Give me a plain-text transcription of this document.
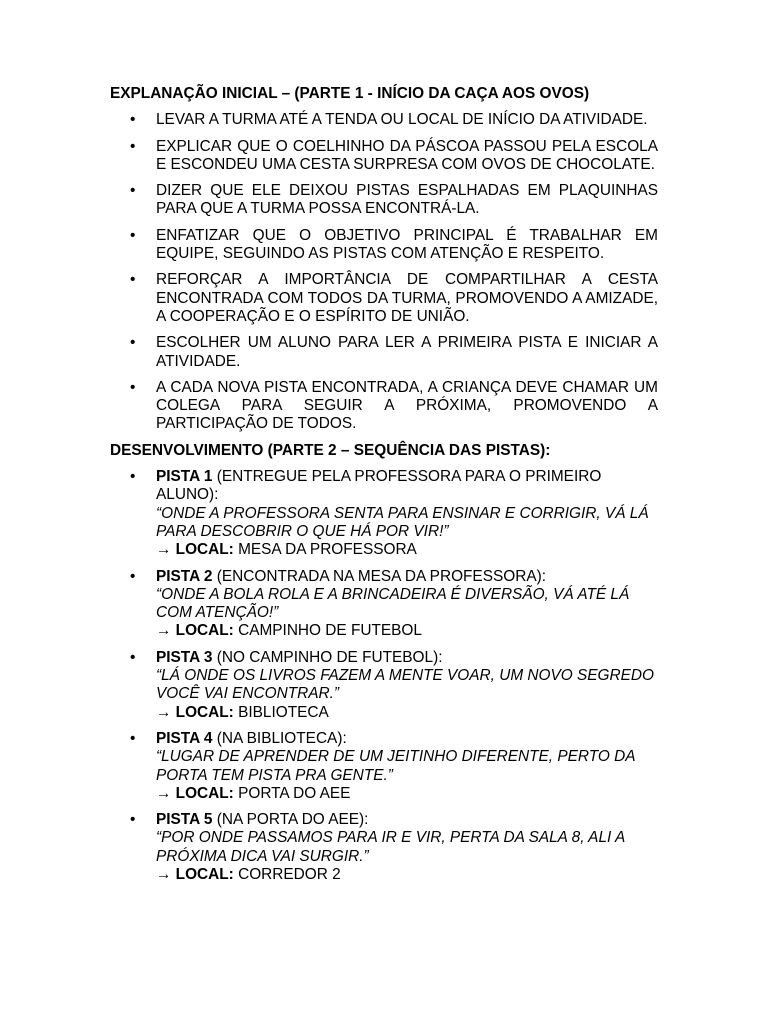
EXPLANAÇÃO INICIAL – (PARTE 1 - INÍCIO DA CAÇA AOS OVOS)
• LEVAR A TURMA ATÉ A TENDA OU LOCAL DE INÍCIO DA ATIVIDADE.
• EXPLICAR QUE O COELHINHO DA PÁSCOA PASSOU PELA ESCOLA E ESCONDEU UMA CESTA SURPRESA COM OVOS DE CHOCOLATE.
• DIZER QUE ELE DEIXOU PISTAS ESPALHADAS EM PLAQUINHAS PARA QUE A TURMA POSSA ENCONTRÁ-LA.
• ENFATIZAR QUE O OBJETIVO PRINCIPAL É TRABALHAR EM EQUIPE, SEGUINDO AS PISTAS COM ATENÇÃO E RESPEITO.
• REFORÇAR A IMPORTÂNCIA DE COMPARTILHAR A CESTA ENCONTRADA COM TODOS DA TURMA, PROMOVENDO A AMIZADE, A COOPERAÇÃO E O ESPÍRITO DE UNIÃO.
• ESCOLHER UM ALUNO PARA LER A PRIMEIRA PISTA E INICIAR A ATIVIDADE.
• A CADA NOVA PISTA ENCONTRADA, A CRIANÇA DEVE CHAMAR UM COLEGA PARA SEGUIR A PRÓXIMA, PROMOVENDO A PARTICIPAÇÃO DE TODOS.
DESENVOLVIMENTO (PARTE 2 – SEQUÊNCIA DAS PISTAS):
• PISTA 1 (ENTREGUE PELA PROFESSORA PARA O PRIMEIRO ALUNO):
“ONDE A PROFESSORA SENTA PARA ENSINAR E CORRIGIR, VÁ LÁ PARA DESCOBRIR O QUE HÁ POR VIR!”
→ LOCAL: MESA DA PROFESSORA
• PISTA 2 (ENCONTRADA NA MESA DA PROFESSORA):
“ONDE A BOLA ROLA E A BRINCADEIRA É DIVERSÃO, VÁ ATÉ LÁ COM ATENÇÃO!”
→ LOCAL: CAMPINHO DE FUTEBOL
• PISTA 3 (NO CAMPINHO DE FUTEBOL):
“LÁ ONDE OS LIVROS FAZEM A MENTE VOAR, UM NOVO SEGREDO VOCÊ VAI ENCONTRAR.”
→ LOCAL: BIBLIOTECA
• PISTA 4 (NA BIBLIOTECA):
“LUGAR DE APRENDER DE UM JEITINHO DIFERENTE, PERTO DA PORTA TEM PISTA PRA GENTE.”
→ LOCAL: PORTA DO AEE
• PISTA 5 (NA PORTA DO AEE):
“POR ONDE PASSAMOS PARA IR E VIR, PERTA DA SALA 8, ALI A PRÓXIMA DICA VAI SURGIR.”
→ LOCAL: CORREDOR 2
